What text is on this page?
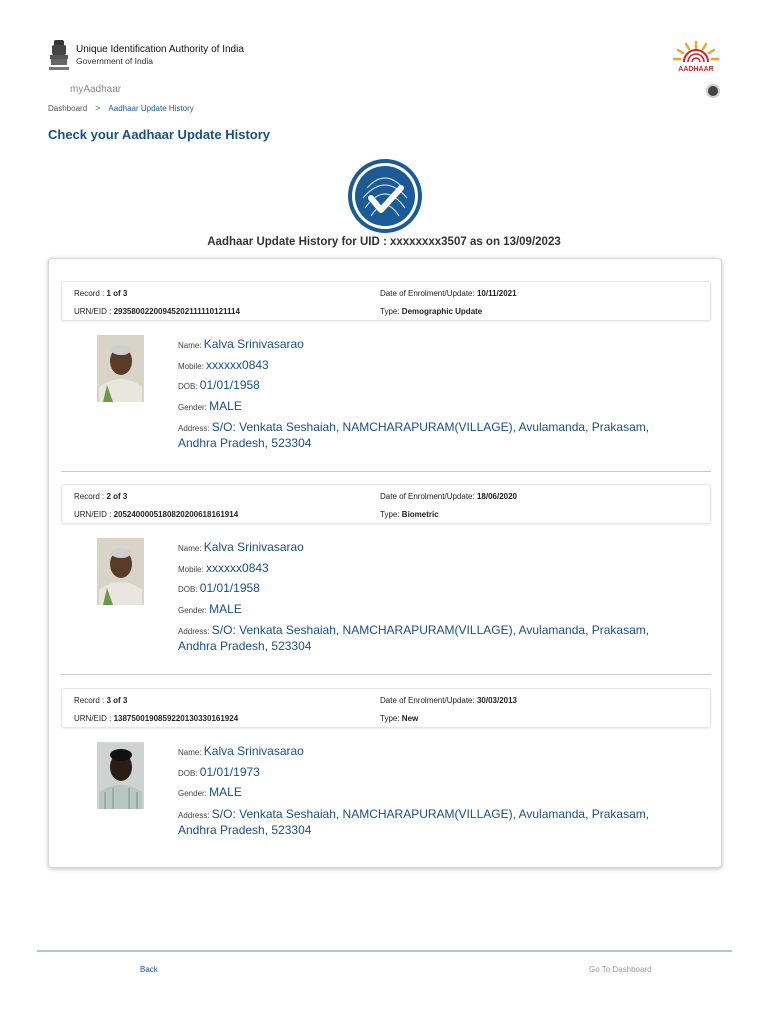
Unique Identification Authority of India
Government of India
AADHAAR
myAadhaar
Dashboard > Aadhaar Update History
Check your Aadhaar Update History
Aadhaar Update History for UID : xxxxxxxx3507 as on 13/09/2023
Record : 1 of 3
URN/EID : 29358002200945202111110121114
Date of Enrolment/Update: 10/11/2021
Type: Demographic Update
Name: Kalva Srinivasarao
Mobile: xxxxxx0843
DOB: 01/01/1958
Gender: MALE
Address: S/O: Venkata Seshaiah, NAMCHARAPURAM(VILLAGE), Avulamanda, Prakasam, Andhra Pradesh, 523304
Record : 2 of 3
URN/EID : 2052400005180820200618161914
Date of Enrolment/Update: 18/06/2020
Type: Biometric
Name: Kalva Srinivasarao
Mobile: xxxxxx0843
DOB: 01/01/1958
Gender: MALE
Address: S/O: Venkata Seshaiah, NAMCHARAPURAM(VILLAGE), Avulamanda, Prakasam, Andhra Pradesh, 523304
Record : 3 of 3
URN/EID : 1387500190859220130330161924
Date of Enrolment/Update: 30/03/2013
Type: New
Name: Kalva Srinivasarao
DOB: 01/01/1973
Gender: MALE
Address: S/O: Venkata Seshaiah, NAMCHARAPURAM(VILLAGE), Avulamanda, Prakasam, Andhra Pradesh, 523304
Back	Go To Dashboard
